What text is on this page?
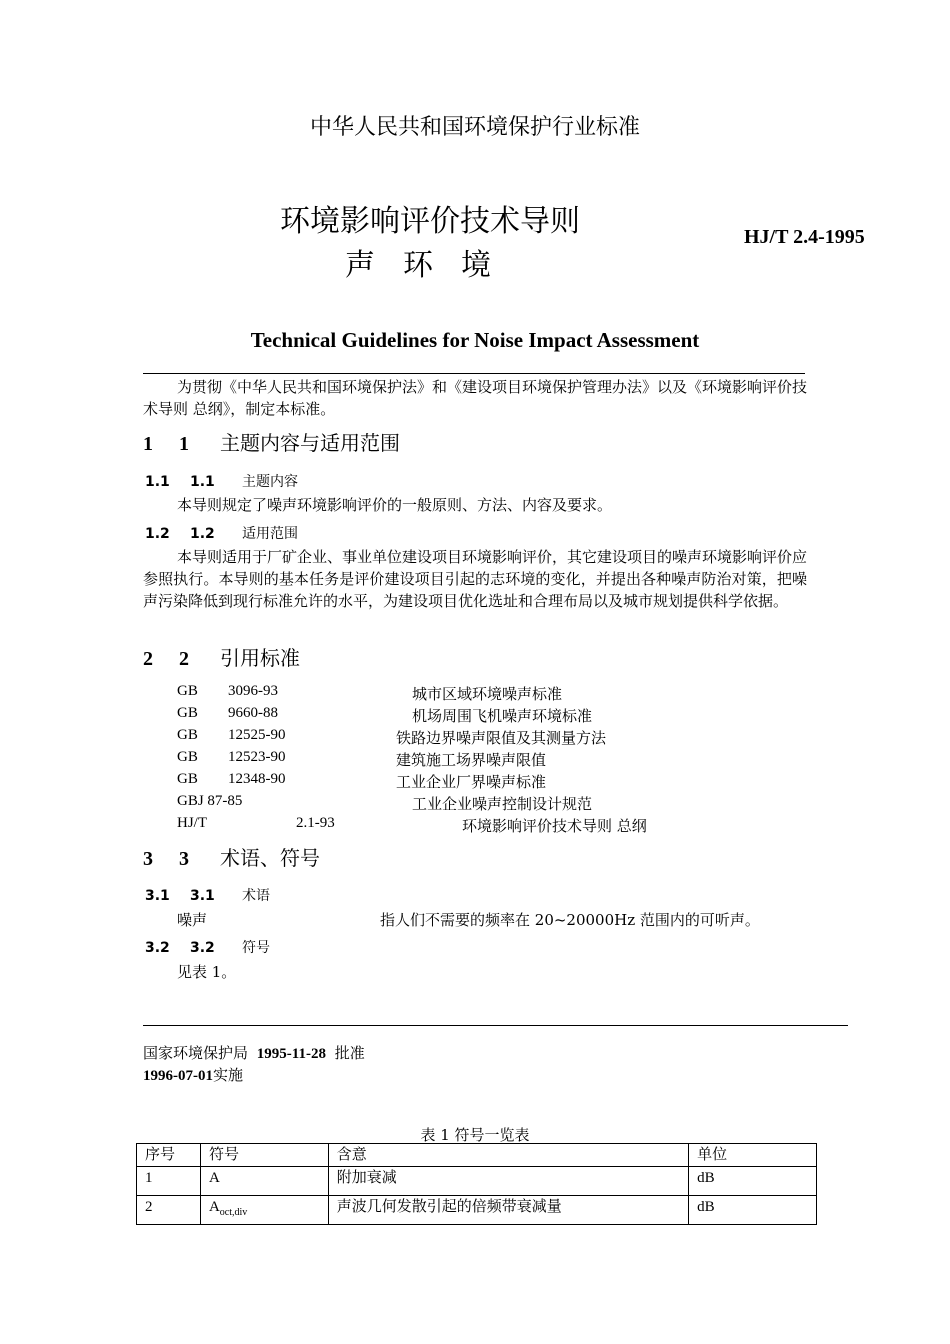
中华人民共和国环境保护行业标准
环境影响评价技术导则
声环境
HJ/T 2.4-1995
Technical Guidelines for Noise Impact Assessment
为贯彻《中华人民共和国环境保护法》和《建设项目环境保护管理办法》以及《环境影响评价技术导则 总纲》，制定本标准。
1 1 主题内容与适用范围
1.1 1.1 主题内容
本导则规定了噪声环境影响评价的一般原则、方法、内容及要求。
1.2 1.2 适用范围
本导则适用于厂矿企业、事业单位建设项目环境影响评价，其它建设项目的噪声环境影响评价应参照执行。本导则的基本任务是评价建设项目引起的志环境的变化，并提出各种噪声防治对策，把噪声污染降低到现行标准允许的水平，为建设项目优化选址和合理布局以及城市规划提供科学依据。
2 2 引用标准
GB 3096-93	城市区域环境噪声标准
GB 9660-88	机场周围飞机噪声环境标准
GB 12525-90	铁路边界噪声限值及其测量方法
GB 12523-90	建筑施工场界噪声限值
GB 12348-90	工业企业厂界噪声标准
GBJ 87-85	工业企业噪声控制设计规范
HJ/T	2.1-93	环境影响评价技术导则 总纲
3 3 术语、符号
3.1 3.1 术语
噪声	指人们不需要的频率在 20~20000Hz 范围内的可听声。
3.2 3.2 符号
见表 1。
国家环境保护局 1995-11-28 批准
1996-07-01实施
表 1 符号一览表
序号	符号	含意	单位
1	A	附加衰减	dB
2	$A_{oct,div}$	声波几何发散引起的倍频带衰减量	dB
